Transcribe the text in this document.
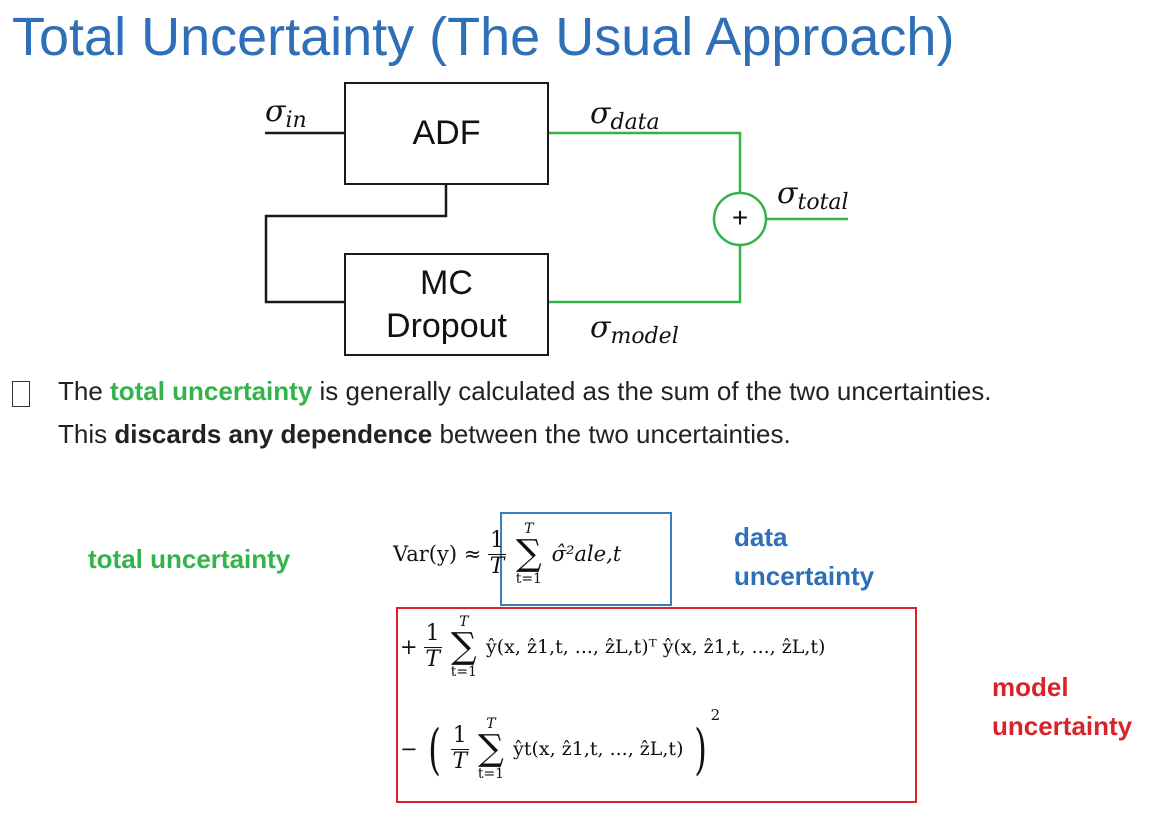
Total Uncertainty (The Usual Approach)
+
ADF
MC
Dropout
$\sigma_{in}$	$\sigma_{data}$
$\sigma_{total}$
$\sigma_{model}$
The total uncertainty is generally calculated as the sum of the two uncertainties.
This discards any dependence between the two uncertainties.
total uncertainty
data
uncertainty
model
uncertainty
$Var(y) \approx \frac{1}{T}$

T
∑
t=1
σ̂²ale,t
+ $\frac{1}{T}$

T
∑
t=1
ŷ(x, ẑ1,t, ..., ẑL,t)ᵀ ŷ(x, ẑ1,t, ..., ẑL,t)
− ( $\frac{1}{T}$

T
∑
t=1
ŷt(x, ẑ1,t, ..., ẑL,t) )$^2$
